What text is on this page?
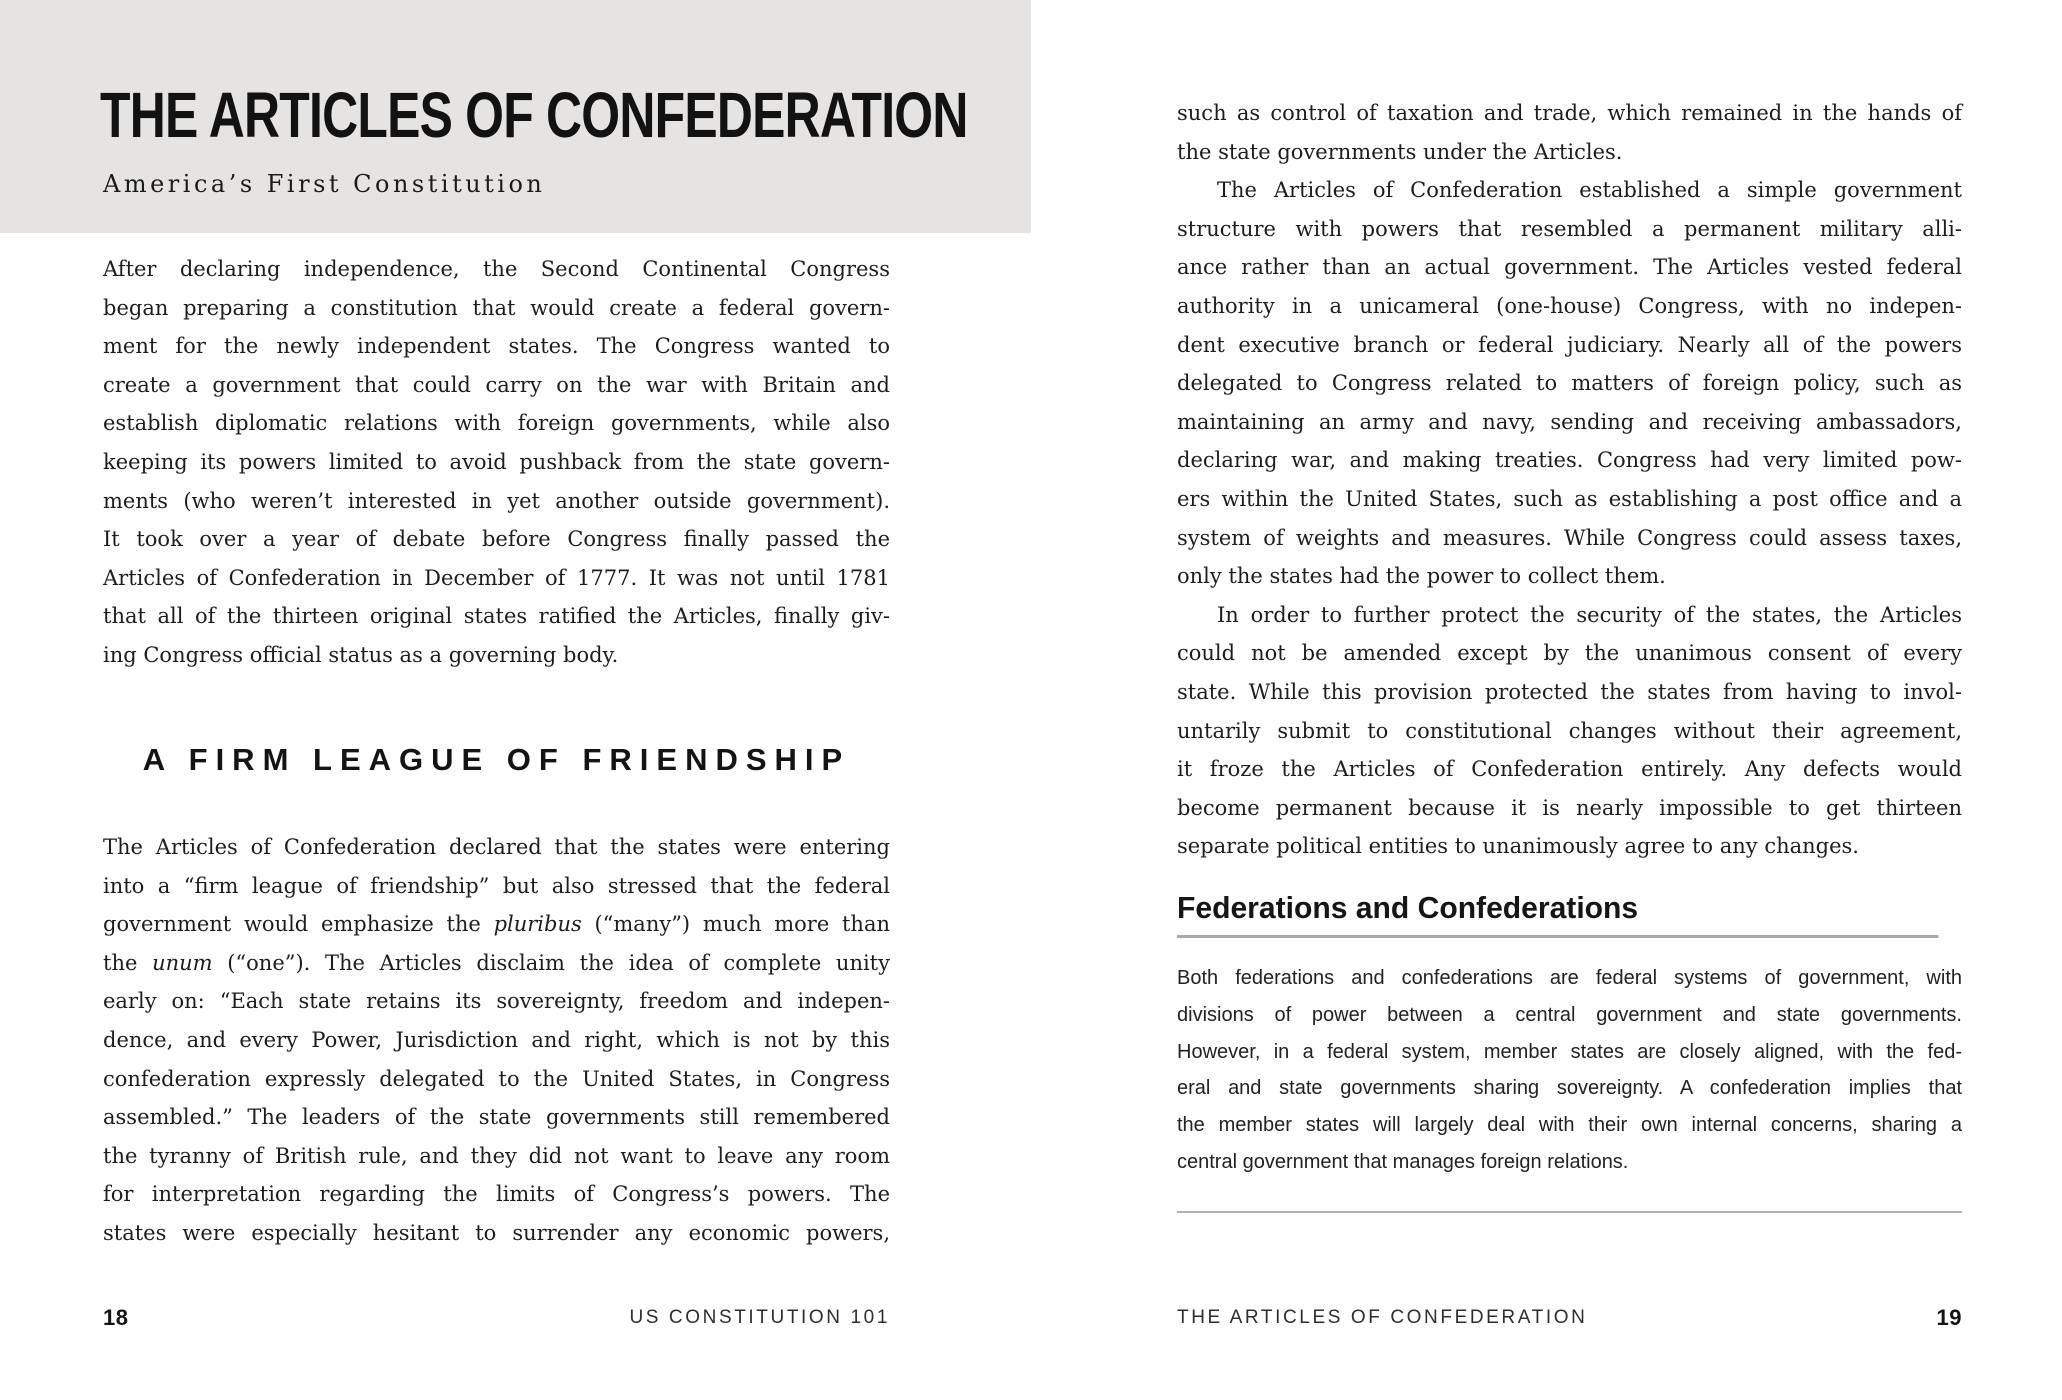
THE ARTICLES OF CONFEDERATION
America’s First Constitution
After declaring independence, the Second Continental Congress
began preparing a constitution that would create a federal govern-
ment for the newly independent states. The Congress wanted to
create a government that could carry on the war with Britain and
establish diplomatic relations with foreign governments, while also
keeping its powers limited to avoid pushback from the state govern-
ments (who weren’t interested in yet another outside government).
It took over a year of debate before Congress finally passed the
Articles of Confederation in December of 1777. It was not until 1781
that all of the thirteen original states ratified the Articles, finally giv-
ing Congress official status as a governing body.
A FIRM LEAGUE OF FRIENDSHIP
The Articles of Confederation declared that the states were entering
into a “firm league of friendship” but also stressed that the federal
government would emphasize the pluribus (“many”) much more than
the unum (“one”). The Articles disclaim the idea of complete unity
early on: “Each state retains its sovereignty, freedom and indepen-
dence, and every Power, Jurisdiction and right, which is not by this
confederation expressly delegated to the United States, in Congress
assembled.” The leaders of the state governments still remembered
the tyranny of British rule, and they did not want to leave any room
for interpretation regarding the limits of Congress’s powers. The
states were especially hesitant to surrender any economic powers,
18	US CONSTITUTION 101
such as control of taxation and trade, which remained in the hands of
the state governments under the Articles.
The Articles of Confederation established a simple government
structure with powers that resembled a permanent military alli-
ance rather than an actual government. The Articles vested federal
authority in a unicameral (one-house) Congress, with no indepen-
dent executive branch or federal judiciary. Nearly all of the powers
delegated to Congress related to matters of foreign policy, such as
maintaining an army and navy, sending and receiving ambassadors,
declaring war, and making treaties. Congress had very limited pow-
ers within the United States, such as establishing a post office and a
system of weights and measures. While Congress could assess taxes,
only the states had the power to collect them.
In order to further protect the security of the states, the Articles
could not be amended except by the unanimous consent of every
state. While this provision protected the states from having to invol-
untarily submit to constitutional changes without their agreement,
it froze the Articles of Confederation entirely. Any defects would
become permanent because it is nearly impossible to get thirteen
separate political entities to unanimously agree to any changes.
Federations and Confederations
Both federations and confederations are federal systems of government, with
divisions of power between a central government and state governments.
However, in a federal system, member states are closely aligned, with the fed-
eral and state governments sharing sovereignty. A confederation implies that
the member states will largely deal with their own internal concerns, sharing a
central government that manages foreign relations.
THE ARTICLES OF CONFEDERATION	19
